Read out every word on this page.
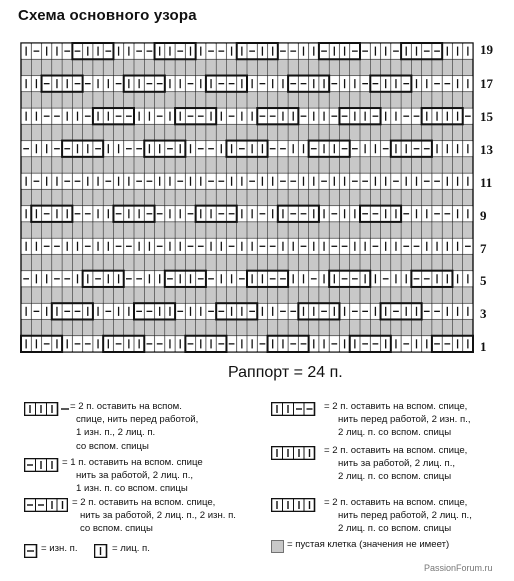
Схема основного узора
19
17
15
13
11
9
7
5
3
1
Раппорт = 24 п.
= 2 п. оставить на вспом.
спице, нить перед работой,
1 изн. п., 2 лиц. п.
со вспом. спицы
= 1 п. оставить на вспом. спице
нить за работой, 2 лиц. п.,
1 изн. п. со вспом. спицы
= 2 п. оставить на вспом. спице,
нить за работой, 2 лиц. п., 2 изн. п.
со вспом. спицы
= изн. п.	= лиц. п.
= 2 п. оставить на вспом. спице,
нить перед работой, 2 изн. п.,
2 лиц. п. со вспом. спицы
= 2 п. оставить на вспом. спице,
нить за работой, 2 лиц. п.,
2 лиц. п. со вспом. спицы
= 2 п. оставить на вспом. спице,
нить перед работой, 2 лиц. п.,
2 лиц. п. со вспом. спицы
= пустая клетка (значения не имеет)
PassionForum.ru
